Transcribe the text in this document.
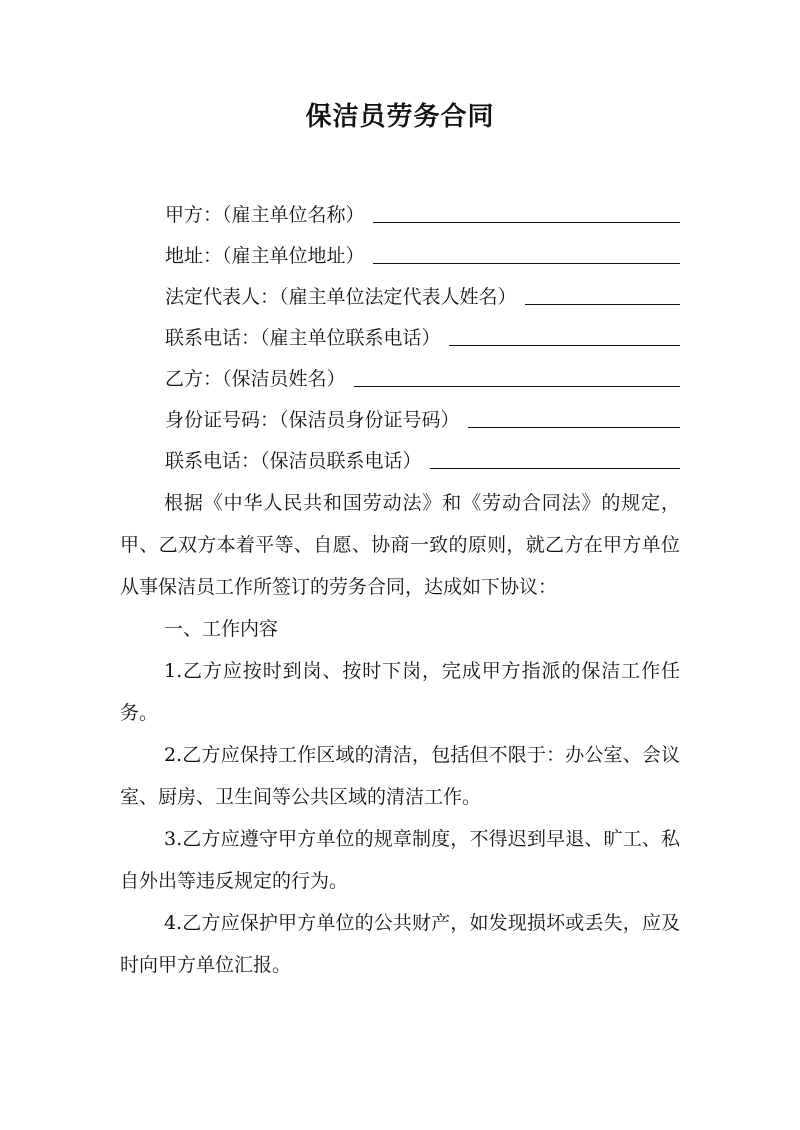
保洁员劳务合同
甲方：（雇主单位名称）
地址：（雇主单位地址）
法定代表人：（雇主单位法定代表人姓名）
联系电话：（雇主单位联系电话）
乙方：（保洁员姓名）
身份证号码：（保洁员身份证号码）
联系电话：（保洁员联系电话）

根据《中华人民共和国劳动法》和《劳动合同法》的规定，甲、乙双方本着平等、自愿、协商一致的原则，就乙方在甲方单位从事保洁员工作所签订的劳务合同，达成如下协议：

一、工作内容

1.乙方应按时到岗、按时下岗，完成甲方指派的保洁工作任务。

2.乙方应保持工作区域的清洁，包括但不限于：办公室、会议室、厨房、卫生间等公共区域的清洁工作。

3.乙方应遵守甲方单位的规章制度，不得迟到早退、旷工、私自外出等违反规定的行为。

4.乙方应保护甲方单位的公共财产，如发现损坏或丢失，应及时向甲方单位汇报。
